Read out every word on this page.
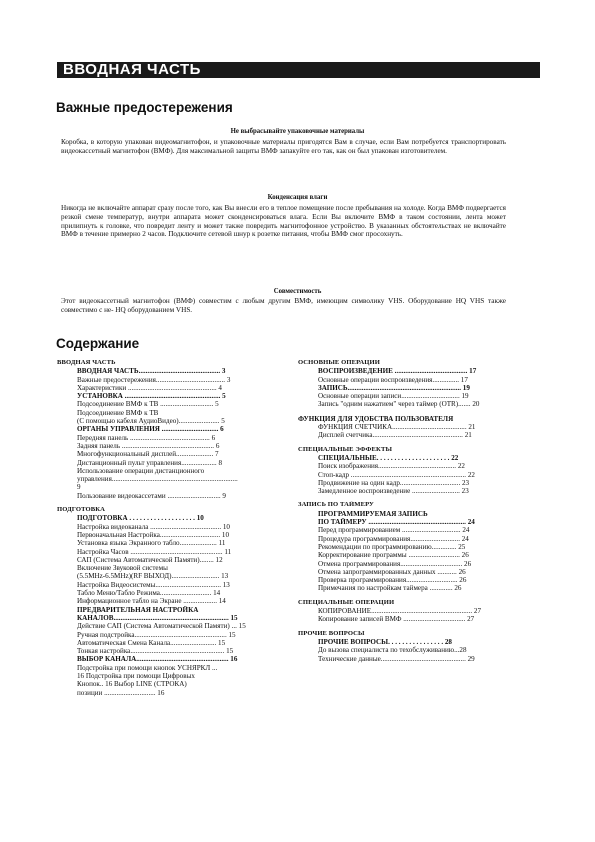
ВВОДНАЯ ЧАСТЬ
Важные предостережения
Не выбрасывайте упаковочные материалы
Коробка, в которую упакован видеомагнитофон, и упаковочные материалы пригодятся Вам в случае, если Вам потребуется транспортировать видеокассетный магнитофон (ВМФ). Для максимальной защиты ВМФ запакуйте его так, как он был упакован изготовителем.
Конденсация влаги
Никогда не включайте аппарат сразу после того, как Вы внесли его в теплое помещение после пребывания на холоде. Когда ВМФ подвергается резкой смене температур, внутри аппарата может сконденсироваться влага. Если Вы включите ВМФ в таком состоянии, лента может прилипнуть к головке, что повредит ленту и может также повредить магнитофонное устройство. В указанных обстоятельствах не включайте ВМФ в течение примерно 2 часов. Подключите сетевой шнур к розетке питания, чтобы ВМФ смог просохнуть.
Совместимость
Этот видеокассетный магнитофон (ВМФ) совместим с любым другим ВМФ, имеющим символику VHS. Оборудование HQ VHS также совместимо с не- HQ оборудованием VHS.
Содержание
ВВОДНАЯ ЧАСТЬ
ВВОДНАЯ ЧАСТЬ.............................................. 3
Важные предостережения....................................... 3
Характеристики .................................................. 4
УСТАНОВКА ...................................................... 5
Подсоединение ВМФ к ТВ .............................. 5
Подсоединение ВМФ к ТВ
(С помощью кабеля АудиоВидео)....................... 5
ОРГАНЫ УПРАВЛЕНИЯ ................................ 6
Передняя панель ............................................. 6
Задняя панель .................................................... 6
Многофункциональный дисплей..................... 7
Дистанционный пульт управления.................... 8
Использование операции дистанционного
управления.......................................................................
9
Пользование видеокассетами .............................. 9
ПОДГОТОВКА
ПОДГОТОВКА . . . . . . . . . . . . . . . . . . . 10
Настройка видеоканала ........................................ 10
Первоначальная Настройка.................................. 10
Установка языка Экранного табло..................... 11
Настройка Часов .................................................... 11
САП (Система Автоматической Памяти)........ 12
Включение Звуковой системы
(5.5MHz-6.5MHz)(RF ВЫХОД)........................... 13
Настройка Видеосистемы..................................... 13
Табло Меню/Табло Режима............................. 14
Информационное табло на Экране ................... 14
ПРЕДВАРИТЕЛЬНАЯ НАСТРОЙКА
КАНАЛОВ................................................................. 15
Действие САП (Система Автоматической Памяти) ... 15
Ручная подстройка.................................................... 15
Автоматическая Смена Канала.......................... 15
Тонкая настройка..................................................... 15
ВЫБОР КАНАЛА.................................................... 16
Подстройка при помощи кнопок УСНЯРКЛ ...
16 Подстройка при помощи Цифровых
Кнопок.. 16 Выбор LINE (СТРОКА)
позиции ............................. 16
ОСНОВНЫЕ ОПЕРАЦИИ
ВОСПРОИЗВЕДЕНИЕ ......................................... 17
Основные операции воспроизведения............... 17
ЗАПИСЬ................................................................ 19
Основные операции записи................................. 19
Запись "одним нажатием" через таймер (OTR)....... 20
ФУНКЦИЯ ДЛЯ УДОБСТВА ПОЛЬЗОВАТЕЛЯ
ФУНКЦИЯ СЧЕТЧИКА.......................................... 21
Дисплей счетчика................................................... 21
СПЕЦИАЛЬНЫЕ ЭФФЕКТЫ
СПЕЦИАЛЬНЫЕ. . . . . . . . . . . . . . . . . . . . . 22
Поиск изображения............................................ 22
Стоп-кадр ................................................................. 22
Продвижение на один кадр.................................. 23
Замедленное воспроизведение ........................... 23
ЗАПИСЬ ПО ТАЙМЕРУ
ПРОГРАММИРУЕМАЯ ЗАПИСЬ
ПО ТАЙМЕРУ ....................................................... 24
Перед программированием ................................. 24
Процедура программирования............................ 24
Рекомендации по программированию.............. 25
Корректирование программы ............................. 26
Отмена программирования................................... 26
Отмена запрограммированных данных ........... 26
Проверка программирования............................. 26
Примечания по настройкам таймера ............. 26
СПЕЦИАЛЬНЫЕ ОПЕРАЦИИ
КОПИРОВАНИЕ......................................................... 27
Копирование записей ВМФ ................................... 27
ПРОЧИЕ ВОПРОСЫ
ПРОЧИЕ ВОПРОСЫ. . . . . . . . . . . . . . . . 28
До вызова специалиста по техобслуживанию...28
Технические данные................................................ 29
